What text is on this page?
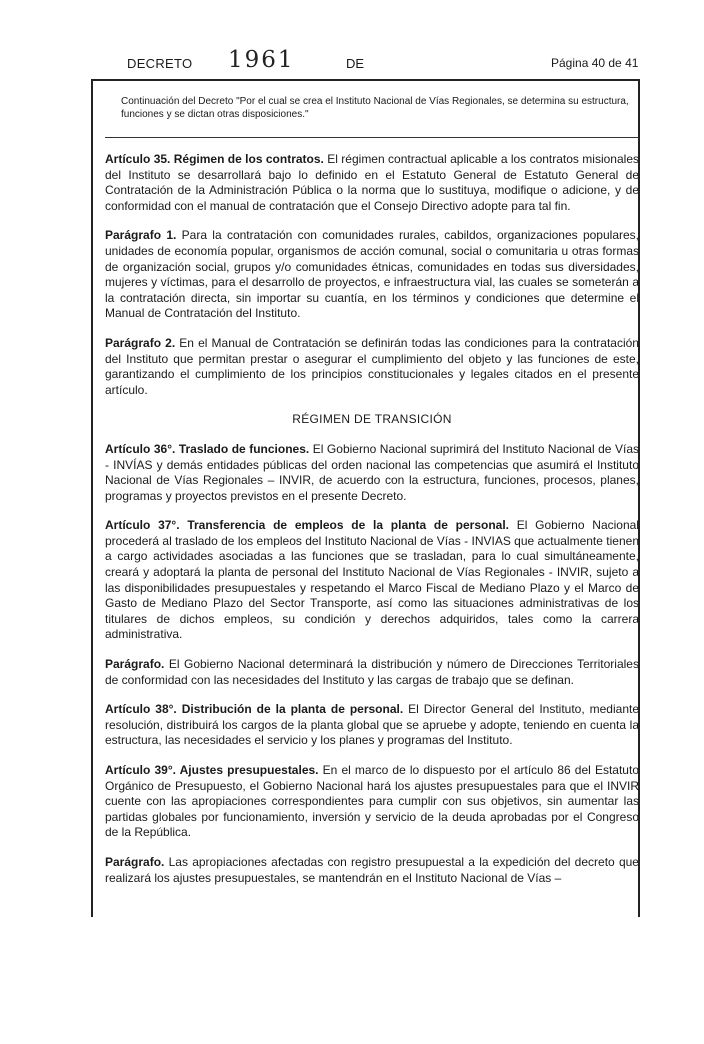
DECRETO 1961	DE	Página 40 de 41

Continuación del Decreto "Por el cual se crea el Instituto Nacional de Vías Regionales, se determina su estructura, funciones y se dictan otras disposiciones."

Artículo 35. Régimen de los contratos. El régimen contractual aplicable a los contratos misionales del Instituto se desarrollará bajo lo definido en el Estatuto General de Estatuto General de Contratación de la Administración Pública o la norma que lo sustituya, modifique o adicione, y de conformidad con el manual de contratación que el Consejo Directivo adopte para tal fin.

Parágrafo 1. Para la contratación con comunidades rurales, cabildos, organizaciones populares, unidades de economía popular, organismos de acción comunal, social o comunitaria u otras formas de organización social, grupos y/o comunidades étnicas, comunidades en todas sus diversidades, mujeres y víctimas, para el desarrollo de proyectos, e infraestructura vial, las cuales se someterán a la contratación directa, sin importar su cuantía, en los términos y condiciones que determine el Manual de Contratación del Instituto.

Parágrafo 2. En el Manual de Contratación se definirán todas las condiciones para la contratación del Instituto que permitan prestar o asegurar el cumplimiento del objeto y las funciones de este, garantizando el cumplimiento de los principios constitucionales y legales citados en el presente artículo.

RÉGIMEN DE TRANSICIÓN

Artículo 36°. Traslado de funciones. El Gobierno Nacional suprimirá del Instituto Nacional de Vías - INVÍAS y demás entidades públicas del orden nacional las competencias que asumirá el Instituto Nacional de Vías Regionales – INVIR, de acuerdo con la estructura, funciones, procesos, planes, programas y proyectos previstos en el presente Decreto.

Artículo 37°. Transferencia de empleos de la planta de personal. El Gobierno Nacional procederá al traslado de los empleos del Instituto Nacional de Vías - INVIAS que actualmente tienen a cargo actividades asociadas a las funciones que se trasladan, para lo cual simultáneamente, creará y adoptará la planta de personal del Instituto Nacional de Vías Regionales - INVIR, sujeto a las disponibilidades presupuestales y respetando el Marco Fiscal de Mediano Plazo y el Marco de Gasto de Mediano Plazo del Sector Transporte, así como las situaciones administrativas de los titulares de dichos empleos, su condición y derechos adquiridos, tales como la carrera administrativa.

Parágrafo. El Gobierno Nacional determinará la distribución y número de Direcciones Territoriales de conformidad con las necesidades del Instituto y las cargas de trabajo que se definan.

Artículo 38°. Distribución de la planta de personal. El Director General del Instituto, mediante resolución, distribuirá los cargos de la planta global que se apruebe y adopte, teniendo en cuenta la estructura, las necesidades el servicio y los planes y programas del Instituto.

Artículo 39°. Ajustes presupuestales. En el marco de lo dispuesto por el artículo 86 del Estatuto Orgánico de Presupuesto, el Gobierno Nacional hará los ajustes presupuestales para que el INVIR cuente con las apropiaciones correspondientes para cumplir con sus objetivos, sin aumentar las partidas globales por funcionamiento, inversión y servicio de la deuda aprobadas por el Congreso de la República.

Parágrafo. Las apropiaciones afectadas con registro presupuestal a la expedición del decreto que realizará los ajustes presupuestales, se mantendrán en el Instituto Nacional de Vías –
